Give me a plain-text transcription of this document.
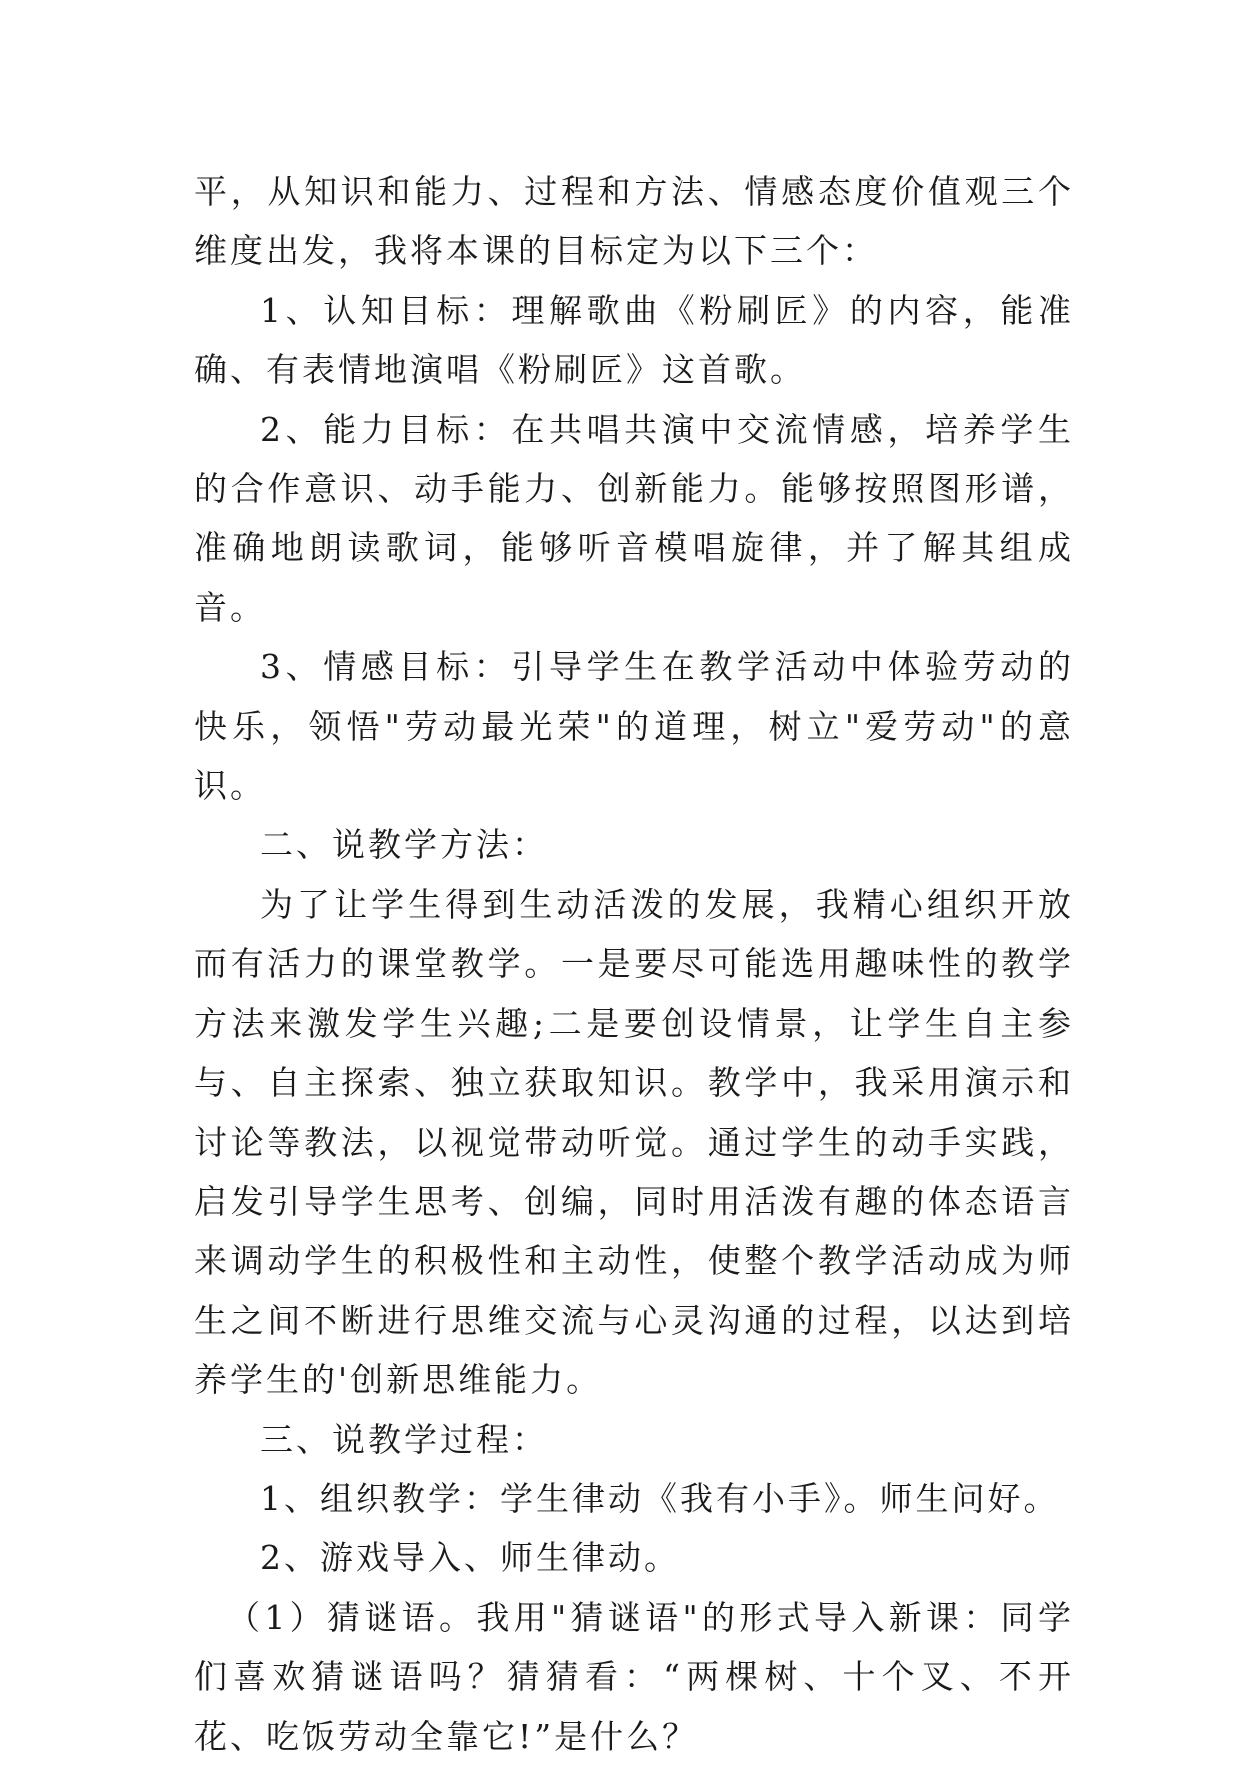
平，从知识和能力、过程和方法、情感态度价值观三个维度出发，我将本课的目标定为以下三个：

1、认知目标：理解歌曲《粉刷匠》的内容，能准确、有表情地演唱《粉刷匠》这首歌。

2、能力目标：在共唱共演中交流情感，培养学生的合作意识、动手能力、创新能力。能够按照图形谱，准确地朗读歌词，能够听音模唱旋律，并了解其组成音。

3、情感目标：引导学生在教学活动中体验劳动的快乐，领悟"劳动最光荣"的道理，树立"爱劳动"的意识。

二、说教学方法：

为了让学生得到生动活泼的发展，我精心组织开放而有活力的课堂教学。一是要尽可能选用趣味性的教学方法来激发学生兴趣;二是要创设情景，让学生自主参与、自主探索、独立获取知识。教学中，我采用演示和讨论等教法，以视觉带动听觉。通过学生的动手实践，启发引导学生思考、创编，同时用活泼有趣的体态语言来调动学生的积极性和主动性，使整个教学活动成为师生之间不断进行思维交流与心灵沟通的过程，以达到培养学生的'创新思维能力。

三、说教学过程：

1、组织教学：学生律动《我有小手》。师生问好。

2、游戏导入、师生律动。

（1）猜谜语。我用"猜谜语"的形式导入新课：同学们喜欢猜谜语吗？猜猜看：“两棵树、十个叉、不开花、吃饭劳动全靠它!”是什么？
